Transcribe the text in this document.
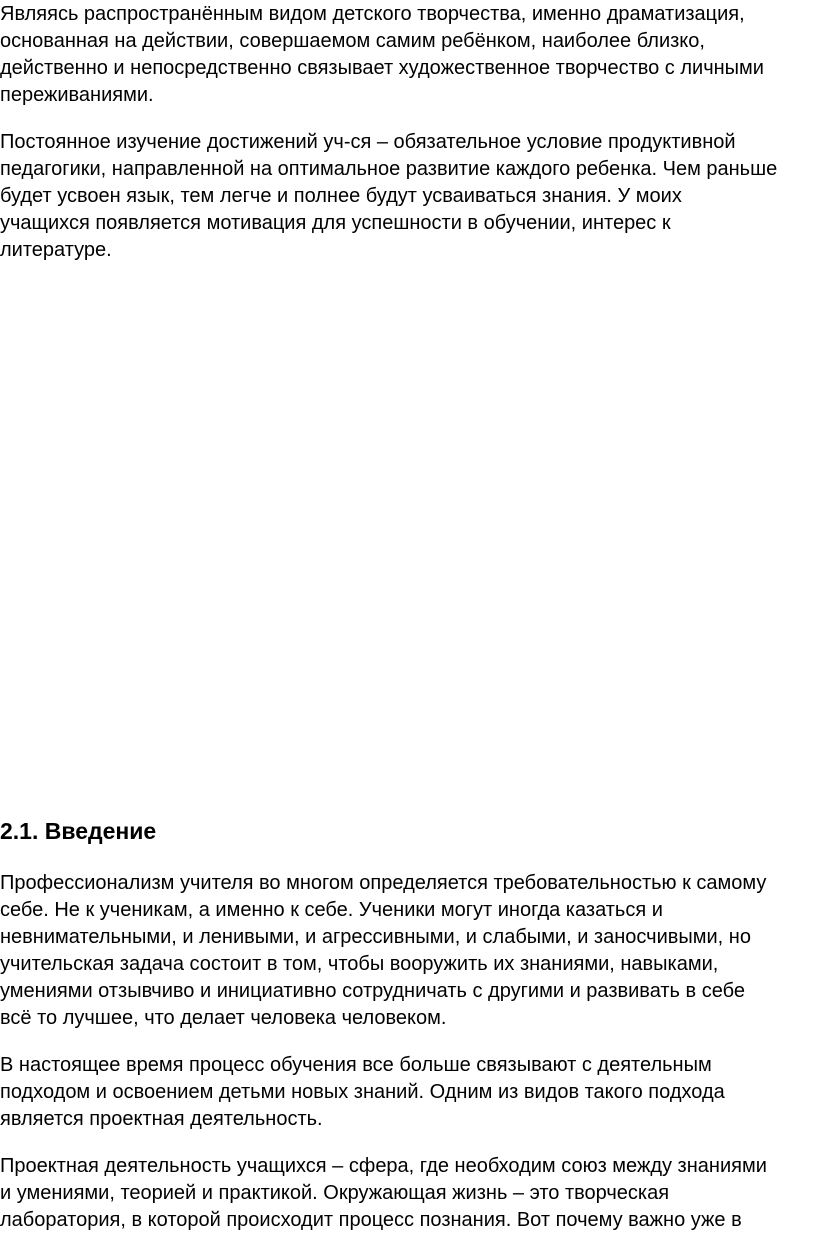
Являясь распространённым видом детского творчества, именно драматизация,
основанная на действии, совершаемом самим ребёнком, наиболее близко,
действенно и непосредственно связывает художественное творчество с личными
переживаниями.

Постоянное изучение достижений уч-ся – обязательное условие продуктивной
педагогики, направленной на оптимальное развитие каждого ребенка. Чем раньше
будет усвоен язык, тем легче и полнее будут усваиваться знания. У моих
учащихся появляется мотивация для успешности в обучении, интерес к
литературе.

2.1. Введение

Профессионализм учителя во многом определяется требовательностью к самому
себе. Не к ученикам, а именно к себе. Ученики могут иногда казаться и
невнимательными, и ленивыми, и агрессивными, и слабыми, и заносчивыми, но
учительская задача состоит в том, чтобы вооружить их знаниями, навыками,
умениями отзывчиво и инициативно сотрудничать с другими и развивать в себе
всё то лучшее, что делает человека человеком.

В настоящее время процесс обучения все больше связывают с деятельным
подходом и освоением детьми новых знаний. Одним из видов такого подхода
является проектная деятельность.

Проектная деятельность учащихся – сфера, где необходим союз между знаниями
и умениями, теорией и практикой. Окружающая жизнь – это творческая
лаборатория, в которой происходит процесс познания. Вот почему важно уже в
